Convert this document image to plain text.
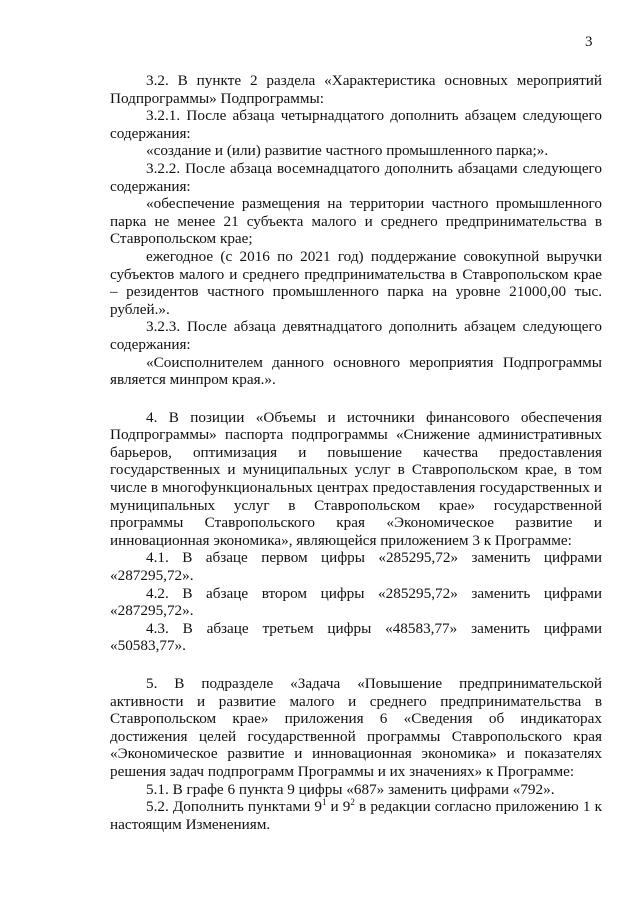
3

3.2. В пункте 2 раздела «Характеристика основных мероприятий Подпрограммы» Подпрограммы:

3.2.1. После абзаца четырнадцатого дополнить абзацем следующего содержания:

«создание и (или) развитие частного промышленного парка;».

3.2.2. После абзаца восемнадцатого дополнить абзацами следующего содержания:

«обеспечение размещения на территории частного промышленного парка не менее 21 субъекта малого и среднего предпринимательства в Ставропольском крае;

ежегодное (с 2016 по 2021 год) поддержание совокупной выручки субъектов малого и среднего предпринимательства в Ставропольском крае – резидентов частного промышленного парка на уровне 21000,00 тыс. рублей.».

3.2.3. После абзаца девятнадцатого дополнить абзацем следующего содержания:

«Соисполнителем данного основного мероприятия Подпрограммы является минпром края.».

4. В позиции «Объемы и источники финансового обеспечения Подпрограммы» паспорта подпрограммы «Снижение административных барьеров, оптимизация и повышение качества предоставления государственных и муниципальных услуг в Ставропольском крае, в том числе в многофункциональных центрах предоставления государственных и муниципальных услуг в Ставропольском крае» государственной программы Ставропольского края «Экономическое развитие и инновационная экономика», являющейся приложением 3 к Программе:

4.1. В абзаце первом цифры «285295,72» заменить цифрами «287295,72».

4.2. В абзаце втором цифры «285295,72» заменить цифрами «287295,72».

4.3. В абзаце третьем цифры «48583,77» заменить цифрами «50583,77».

5. В подразделе «Задача «Повышение предпринимательской активности и развитие малого и среднего предпринимательства в Ставропольском крае» приложения 6 «Сведения об индикаторах достижения целей государственной программы Ставропольского края «Экономическое развитие и инновационная экономика» и показателях решения задач подпрограмм Программы и их значениях» к Программе:

5.1. В графе 6 пункта 9 цифры «687» заменить цифрами «792».

5.2. Дополнить пунктами $9^1$ и $9^2$ в редакции согласно приложению 1 к настоящим Изменениям.
